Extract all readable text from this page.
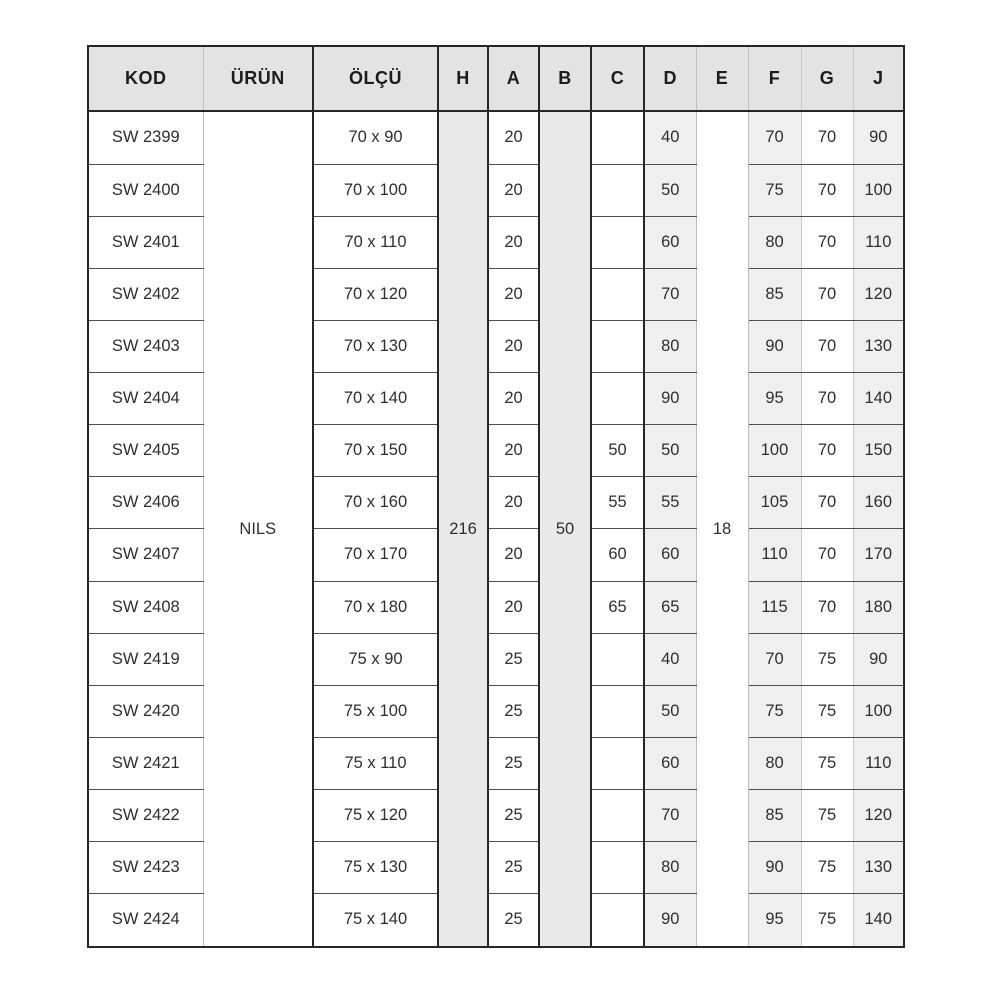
KOD	ÜRÜN	ÖLÇÜ	H	A	B	C	D	E	F	G	J
SW 2399	NILS	70 x 90	216	20	50		40	18	70	70	90
SW 2400		70 x 100		20			50		75	70	100
SW 2401		70 x 110		20			60		80	70	110
SW 2402		70 x 120		20			70		85	70	120
SW 2403		70 x 130		20			80		90	70	130
SW 2404		70 x 140		20			90		95	70	140
SW 2405		70 x 150		20		50	50		100	70	150
SW 2406		70 x 160		20		55	55		105	70	160
SW 2407		70 x 170		20		60	60		110	70	170
SW 2408		70 x 180		20		65	65		115	70	180
SW 2419		75 x 90		25			40		70	75	90
SW 2420		75 x 100		25			50		75	75	100
SW 2421		75 x 110		25			60		80	75	110
SW 2422		75 x 120		25			70		85	75	120
SW 2423		75 x 130		25			80		90	75	130
SW 2424		75 x 140		25			90		95	75	140
